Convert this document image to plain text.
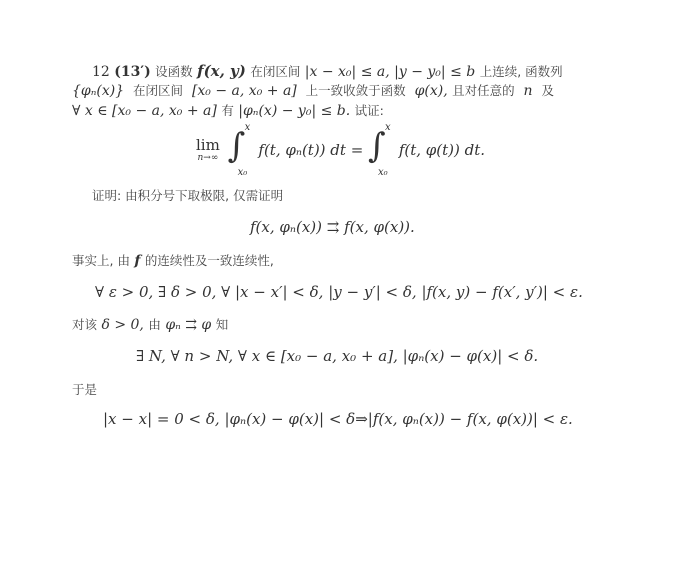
12 (13′) 设函数 f(x, y) 在闭区间 |x − x₀| ≤ a, |y − y₀| ≤ b 上连续, 函数列
{φₙ(x)} 在闭区间 [x₀ − a, x₀ + a] 上一致收敛于函数 φ(x), 且对任意的 n 及
∀ x ∈ [x₀ − a, x₀ + a] 有 |φₙ(x) − y₀| ≤ b. 试证:
lim
n→∞
∫ x
x₀
f(t, φₙ(t)) dt = ∫ x
x₀
f(t, φ(t)) dt.
证明: 由积分号下取极限, 仅需证明
f(x, φₙ(x)) ⇉ f(x, φ(x)).
事实上, 由 f 的连续性及一致连续性,
∀ ε > 0, ∃ δ > 0, ∀ |x − x′| < δ, |y − y′| < δ, |f(x, y) − f(x′, y′)| < ε.
对该 δ > 0, 由 φₙ ⇉ φ 知
∃ N, ∀ n > N, ∀ x ∈ [x₀ − a, x₀ + a], |φₙ(x) − φ(x)| < δ.
于是
|x − x| = 0 < δ, |φₙ(x) − φ(x)| < δ⇒|f(x, φₙ(x)) − f(x, φ(x))| < ε.
